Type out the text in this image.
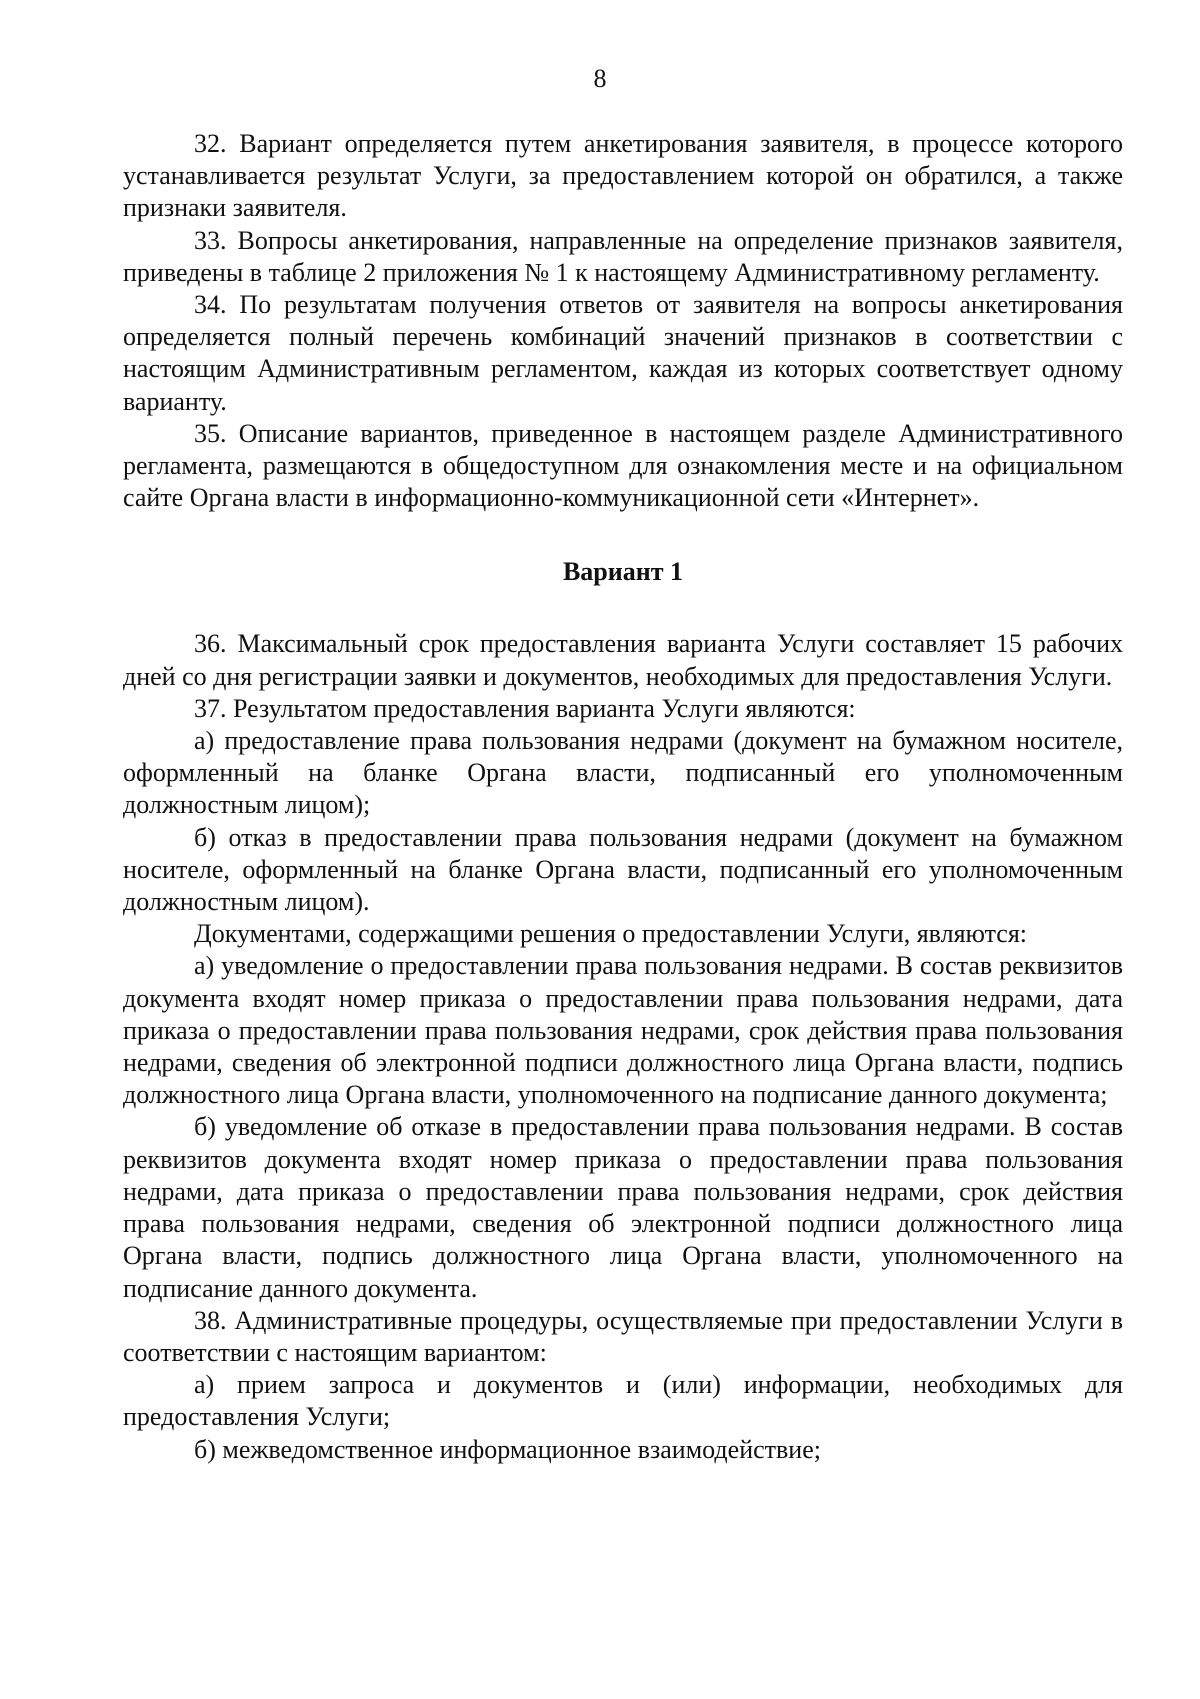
8

32. Вариант определяется путем анкетирования заявителя, в процессе которого устанавливается результат Услуги, за предоставлением которой он обратился, а также признаки заявителя.

33. Вопросы анкетирования, направленные на определение признаков заявителя, приведены в таблице 2 приложения № 1 к настоящему Административному регламенту.

34. По результатам получения ответов от заявителя на вопросы анкетирования определяется полный перечень комбинаций значений признаков в соответствии с настоящим Административным регламентом, каждая из которых соответствует одному варианту.

35. Описание вариантов, приведенное в настоящем разделе Административного регламента, размещаются в общедоступном для ознакомления месте и на официальном сайте Органа власти в информационно-коммуникационной сети «Интернет».

Вариант 1

36. Максимальный срок предоставления варианта Услуги составляет 15 рабочих дней со дня регистрации заявки и документов, необходимых для предоставления Услуги.

37. Результатом предоставления варианта Услуги являются:

а) предоставление права пользования недрами (документ на бумажном носителе, оформленный на бланке Органа власти, подписанный его уполномоченным должностным лицом);

б) отказ в предоставлении права пользования недрами (документ на бумажном носителе, оформленный на бланке Органа власти, подписанный его уполномоченным должностным лицом).

Документами, содержащими решения о предоставлении Услуги, являются:

а) уведомление о предоставлении права пользования недрами. В состав реквизитов документа входят номер приказа о предоставлении права пользования недрами, дата приказа о предоставлении права пользования недрами, срок действия права пользования недрами, сведения об электронной подписи должностного лица Органа власти, подпись должностного лица Органа власти, уполномоченного на подписание данного документа;

б) уведомление об отказе в предоставлении права пользования недрами. В состав реквизитов документа входят номер приказа о предоставлении права пользования недрами, дата приказа о предоставлении права пользования недрами, срок действия права пользования недрами, сведения об электронной подписи должностного лица Органа власти, подпись должностного лица Органа власти, уполномоченного на подписание данного документа.

38. Административные процедуры, осуществляемые при предоставлении Услуги в соответствии с настоящим вариантом:

а) прием запроса и документов и (или) информации, необходимых для предоставления Услуги;

б) межведомственное информационное взаимодействие;
